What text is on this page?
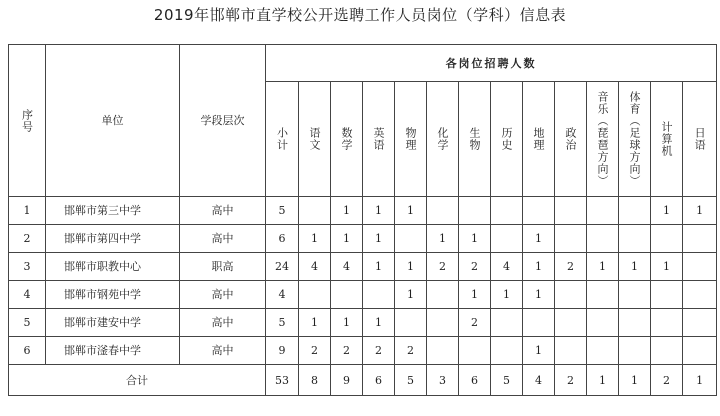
2019年邯郸市直学校公开选聘工作人员岗位（学科）信息表
序号	单位	学段层次	各岗位招聘人数													
			小计	语文	数学	英语	物理	化学	生物	历史	地理	政治	音乐（琵琶方向）	体育（足球方向）	计算机	日语
1	邯郸市第三中学	高中	5		1	1	1								1	1
2	邯郸市第四中学	高中	6	1	1	1		1	1		1					
3	邯郸市职教中心	职高	24	4	4	1	1	2	2	4	1	2	1	1	1	
4	邯郸市钢苑中学	高中	4				1		1	1	1					
5	邯郸市建安中学	高中	5	1	1	1			2							
6	邯郸市滏春中学	高中	9	2	2	2	2				1					
合计			53	8	9	6	5	3	6	5	4	2	1	1	2	1
